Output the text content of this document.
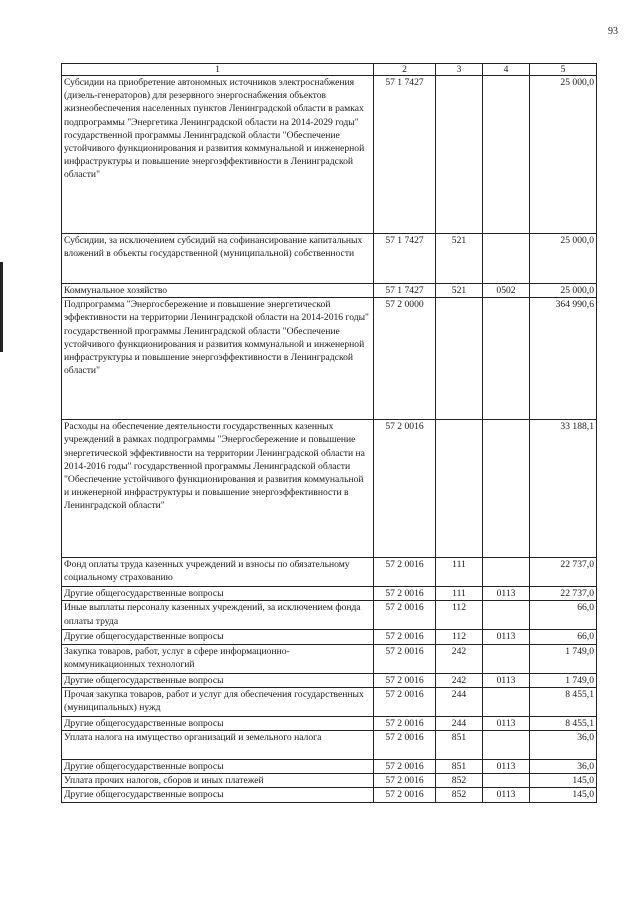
93
1	2	3	4	5
Субсидии на приобретение автономных источников электроснабжения (дизель-генераторов) для резервного энергоснабжения объектов жизнеобеспечения населенных пунктов Ленинградской области в рамках подпрограммы "Энергетика Ленинградской области на 2014-2029 годы" государственной программы Ленинградской области "Обеспечение устойчивого функционирования и развития коммунальной и инженерной инфраструктуры и повышение энергоэффективности в Ленинградской области"	57 1 7427			25 000,0
Субсидии, за исключением субсидий на софинансирование капитальных вложений в объекты государственной (муниципальной) собственности	57 1 7427	521		25 000,0
Коммунальное хозяйство	57 1 7427	521	0502	25 000,0
Подпрограмма "Энергосбережение и повышение энергетической эффективности на территории Ленинградской области на 2014-2016 годы" государственной программы Ленинградской области "Обеспечение устойчивого функционирования и развития коммунальной и инженерной инфраструктуры и повышение энергоэффективности в Ленинградской области"	57 2 0000			364 990,6
Расходы на обеспечение деятельности государственных казенных учреждений в рамках подпрограммы "Энергосбережение и повышение энергетической эффективности на территории Ленинградской области на 2014-2016 годы" государственной программы Ленинградской области "Обеспечение устойчивого функционирования и развития коммунальной и инженерной инфраструктуры и повышение энергоэффективности в Ленинградской области"	57 2 0016			33 188,1
Фонд оплаты труда казенных учреждений и взносы по обязательному социальному страхованию	57 2 0016	111		22 737,0
Другие общегосударственные вопросы	57 2 0016	111	0113	22 737,0
Иные выплаты персоналу казенных учреждений, за исключением фонда оплаты труда	57 2 0016	112		66,0
Другие общегосударственные вопросы	57 2 0016	112	0113	66,0
Закупка товаров, работ, услуг в сфере информационно-коммуникационных технологий	57 2 0016	242		1 749,0
Другие общегосударственные вопросы	57 2 0016	242	0113	1 749,0
Прочая закупка товаров, работ и услуг для обеспечения государственных (муниципальных) нужд	57 2 0016	244		8 455,1
Другие общегосударственные вопросы	57 2 0016	244	0113	8 455,1
Уплата налога на имущество организаций и земельного налога	57 2 0016	851		36,0
Другие общегосударственные вопросы	57 2 0016	851	0113	36,0
Уплата прочих налогов, сборов и иных платежей	57 2 0016	852		145,0
Другие общегосударственные вопросы	57 2 0016	852	0113	145,0
